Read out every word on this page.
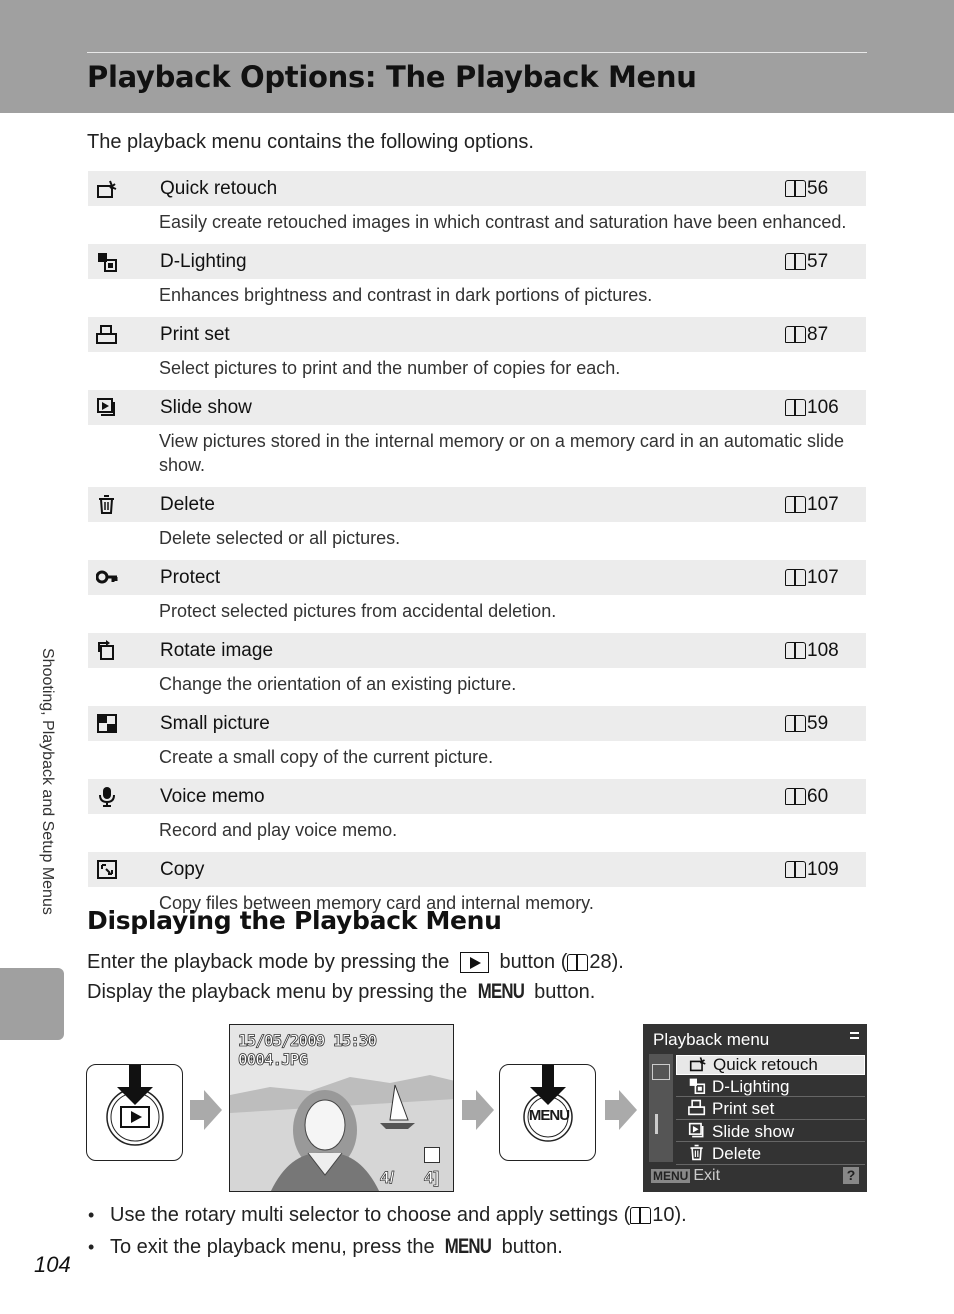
Playback Options: The Playback Menu

The playback menu contains the following options.

Quick retouch	56
Easily create retouched images in which contrast and saturation have been enhanced.
D-Lighting	57
Enhances brightness and contrast in dark portions of pictures.
Print set	87
Select pictures to print and the number of copies for each.
Slide show	106
View pictures stored in the internal memory or on a memory card in an automatic slide show.
Delete	107
Delete selected or all pictures.
Protect	107
Protect selected pictures from accidental deletion.
Rotate image	108
Change the orientation of an existing picture.
Small picture	59
Create a small copy of the current picture.
Voice memo	60
Record and play voice memo.
Copy	109
Copy files between memory card and internal memory.
Displaying the Playback Menu
Enter the playback mode by pressing the button ( 28 ).
Display the playback menu by pressing the MENU button.
15/05/2009 15:30
0004.JPG
4/ 4]
MENU
Playback menu
Quick retouch
D-Lighting
Print set
Slide show
Delete
MENU Exit	?
• Use the rotary multi selector to choose and apply settings ( 10 ).
• To exit the playback menu, press the MENU button.
Shooting, Playback and Setup Menus
104
